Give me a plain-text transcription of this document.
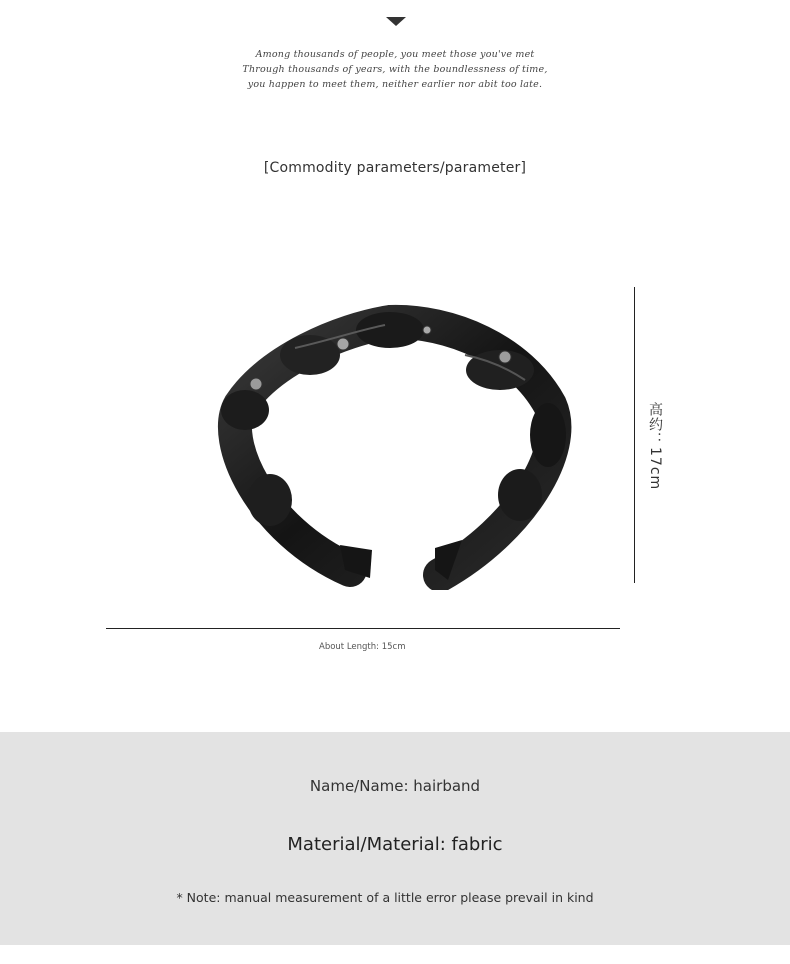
Among thousands of people, you meet those you've met
Through thousands of years, with the boundlessness of time,
you happen to meet them, neither earlier nor abit too late.
[Commodity parameters/parameter]
高约：17cm
About Length: 15cm
Name/Name: hairband
Material/Material: fabric
* Note: manual measurement of a little error please prevail in kind
